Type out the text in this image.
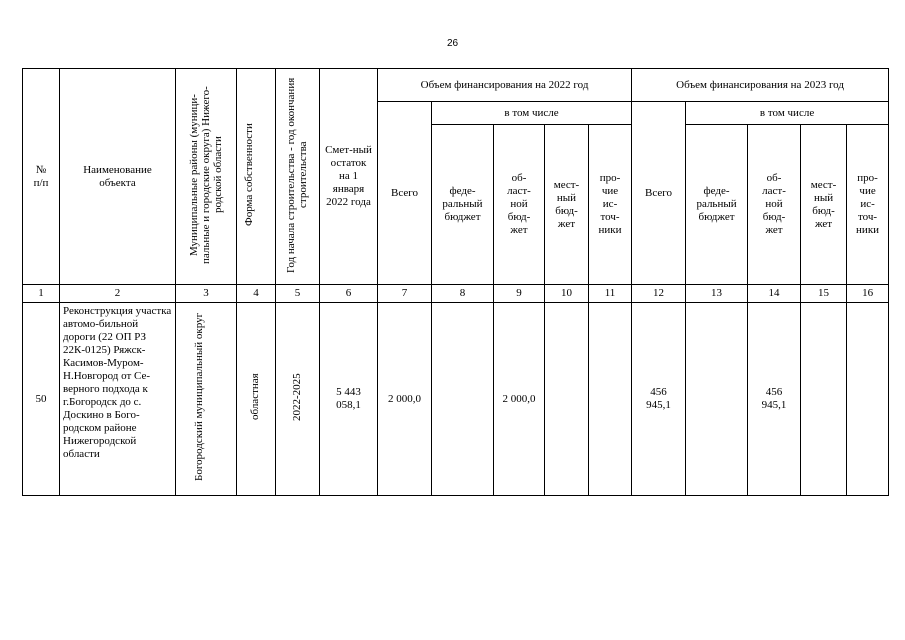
26
№
п/п	Наименование объекта	Муниципальные районы (муници-пальные и городские округа) Нижего-родской области	Форма собственности	Год начала строительства - год окончания строительства	Смет-ный остаток на 1 января 2022 года	Объем финансирования на 2022 год					Объем финансирования на 2023 год				
						Всего	в том числе				Всего	в том числе			
							феде-ральный бюджет	об-ласт-ной бюд-жет	мест-ный бюд-жет	про-чие ис-точ-ники		феде-ральный бюджет	об-ласт-ной бюд-жет	мест-ный бюд-жет	про-чие ис-точ-ники
1	2	3	4	5	6	7	8	9	10	11	12	13	14	15	16
50	Реконструкция участка автомо-бильной дороги (22 ОП РЗ 22К-0125) Ряжск-Касимов-Муром-Н.Новгород от Се-верного подхода к г.Богородск до с. Доскино в Бого-родском районе Нижегородской области	Богородский муниципальный округ	областная	2022-2025	5 443 058,1	2 000,0		2 000,0			456 945,1		456 945,1		
